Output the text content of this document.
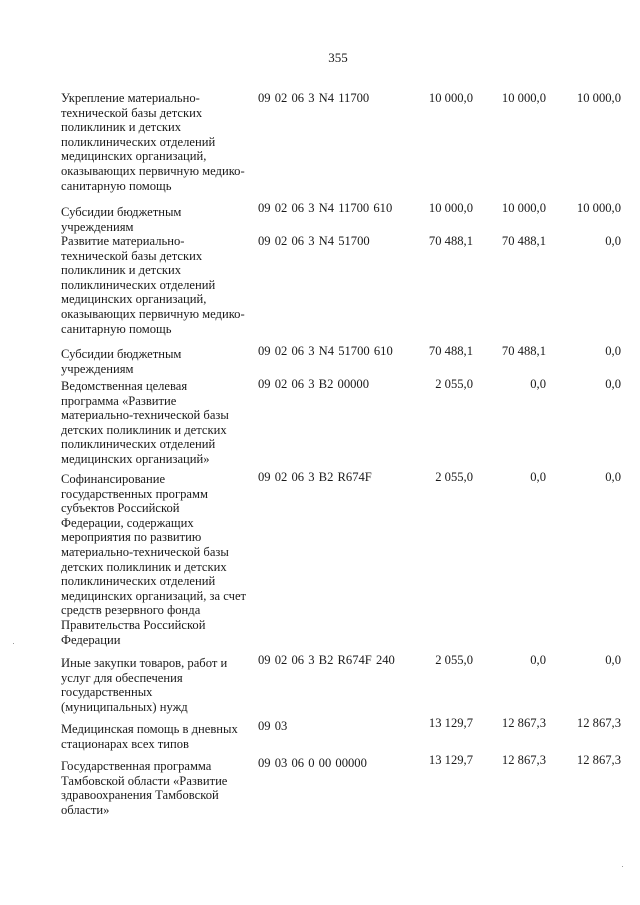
355
Укрепление материально-
технической базы детских
поликлиник и детских
поликлинических отделений
медицинских организаций,
оказывающих первичную медико-
санитарную помощь
09 02 06 3 N4 11700	10 000,0 10 000,0 10 000,0
Субсидии бюджетным
учреждениям
09 02 06 3 N4 11700 610	10 000,0 10 000,0 10 000,0
Развитие материально-
технической базы детских
поликлиник и детских
поликлинических отделений
медицинских организаций,
оказывающих первичную медико-
санитарную помощь
09 02 06 3 N4 51700	70 488,1 70 488,1	0,0
Субсидии бюджетным
учреждениям
09 02 06 3 N4 51700 610	70 488,1 70 488,1	0,0
Ведомственная целевая
программа «Развитие
материально-технической базы
детских поликлиник и детских
поликлинических отделений
медицинских организаций»
09 02 06 3 В2 00000	2 055,0	0,0	0,0
Софинансирование
государственных программ
субъектов Российской
Федерации, содержащих
мероприятия по развитию
материально-технической базы
детских поликлиник и детских
поликлинических отделений
медицинских организаций, за счет
средств резервного фонда
Правительства Российской
Федерации
09 02 06 3 В2 R674F	2 055,0	0,0	0,0
Иные закупки товаров, работ и
услуг для обеспечения
государственных
(муниципальных) нужд
09 02 06 3 В2 R674F 240	2 055,0	0,0	0,0
Медицинская помощь в дневных
стационарах всех типов
09 03	13 129,7 12 867,3 12 867,3
Государственная программа
Тамбовской области «Развитие
здравоохранения Тамбовской
области»
09 03 06 0 00 00000	13 129,7 12 867,3 12 867,3
